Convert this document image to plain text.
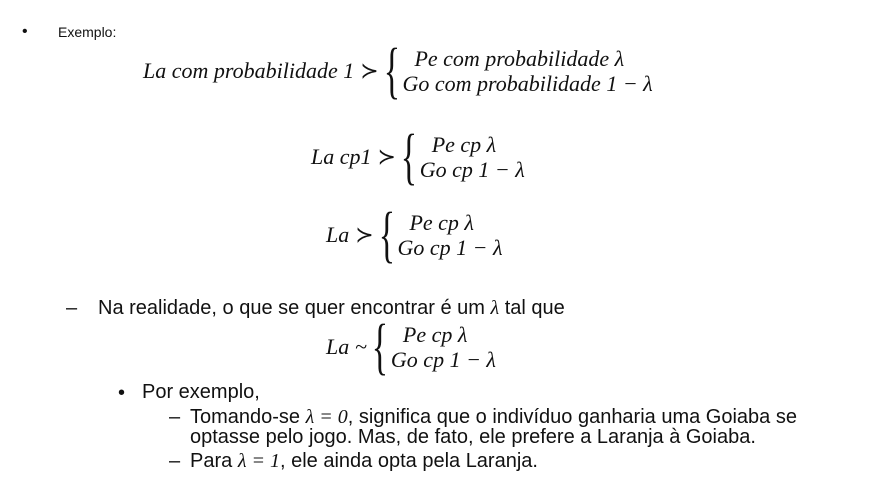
• Exemplo:
La com probabilidade 1 ≻ { Pe com probabilidade λ
Go com probabilidade 1 − λ
La cp1 ≻ { Pe cp λ
Go cp 1 − λ
La ≻ { Pe cp λ
Go cp 1 − λ
– Na realidade, o que se quer encontrar é um λ tal que
La ~ { Pe cp λ
Go cp 1 − λ
• Por exemplo,
– Tomando-se λ = 0, significa que o indivíduo ganharia uma Goiaba se
optasse pelo jogo. Mas, de fato, ele prefere a Laranja à Goiaba.
– Para λ = 1, ele ainda opta pela Laranja.
